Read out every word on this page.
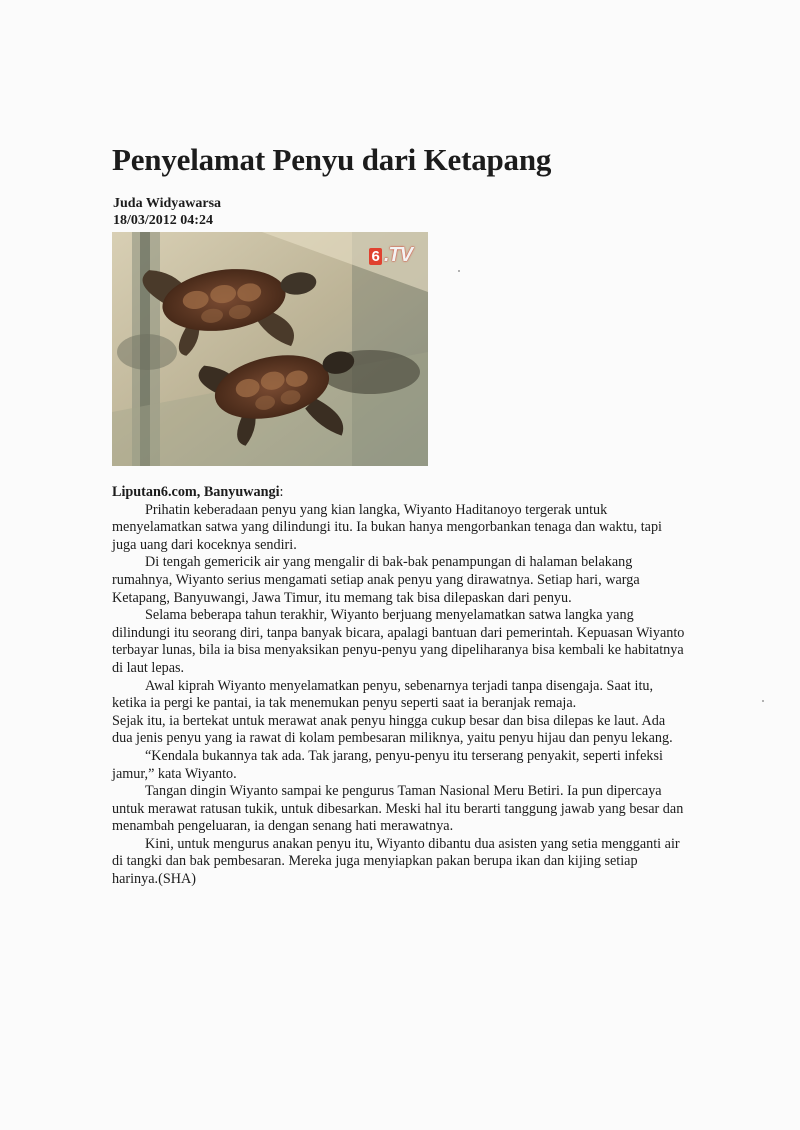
Penyelamat Penyu dari Ketapang
Juda Widyawarsa
18/03/2012 04:24
6 .TV

Liputan6.com, Banyuwangi:

Prihatin keberadaan penyu yang kian langka, Wiyanto Haditanoyo tergerak untuk menyelamatkan satwa yang dilindungi itu. Ia bukan hanya mengorbankan tenaga dan waktu, tapi juga uang dari koceknya sendiri.

Di tengah gemericik air yang mengalir di bak-bak penampungan di halaman belakang rumahnya, Wiyanto serius mengamati setiap anak penyu yang dirawatnya. Setiap hari, warga Ketapang, Banyuwangi, Jawa Timur, itu memang tak bisa dilepaskan dari penyu.

Selama beberapa tahun terakhir, Wiyanto berjuang menyelamatkan satwa langka yang dilindungi itu seorang diri, tanpa banyak bicara, apalagi bantuan dari pemerintah. Kepuasan Wiyanto terbayar lunas, bila ia bisa menyaksikan penyu-penyu yang dipeliharanya bisa kembali ke habitatnya di laut lepas.

Awal kiprah Wiyanto menyelamatkan penyu, sebenarnya terjadi tanpa disengaja. Saat itu, ketika ia pergi ke pantai, ia tak menemukan penyu seperti saat ia beranjak remaja.

Sejak itu, ia bertekat untuk merawat anak penyu hingga cukup besar dan bisa dilepas ke laut. Ada dua jenis penyu yang ia rawat di kolam pembesaran miliknya, yaitu penyu hijau dan penyu lekang.

“Kendala bukannya tak ada. Tak jarang, penyu-penyu itu terserang penyakit, seperti infeksi jamur,” kata Wiyanto.

Tangan dingin Wiyanto sampai ke pengurus Taman Nasional Meru Betiri. Ia pun dipercaya untuk merawat ratusan tukik, untuk dibesarkan. Meski hal itu berarti tanggung jawab yang besar dan menambah pengeluaran, ia dengan senang hati merawatnya.

Kini, untuk mengurus anakan penyu itu, Wiyanto dibantu dua asisten yang setia mengganti air di tangki dan bak pembesaran. Mereka juga menyiapkan pakan berupa ikan dan kijing setiap harinya.(SHA)
